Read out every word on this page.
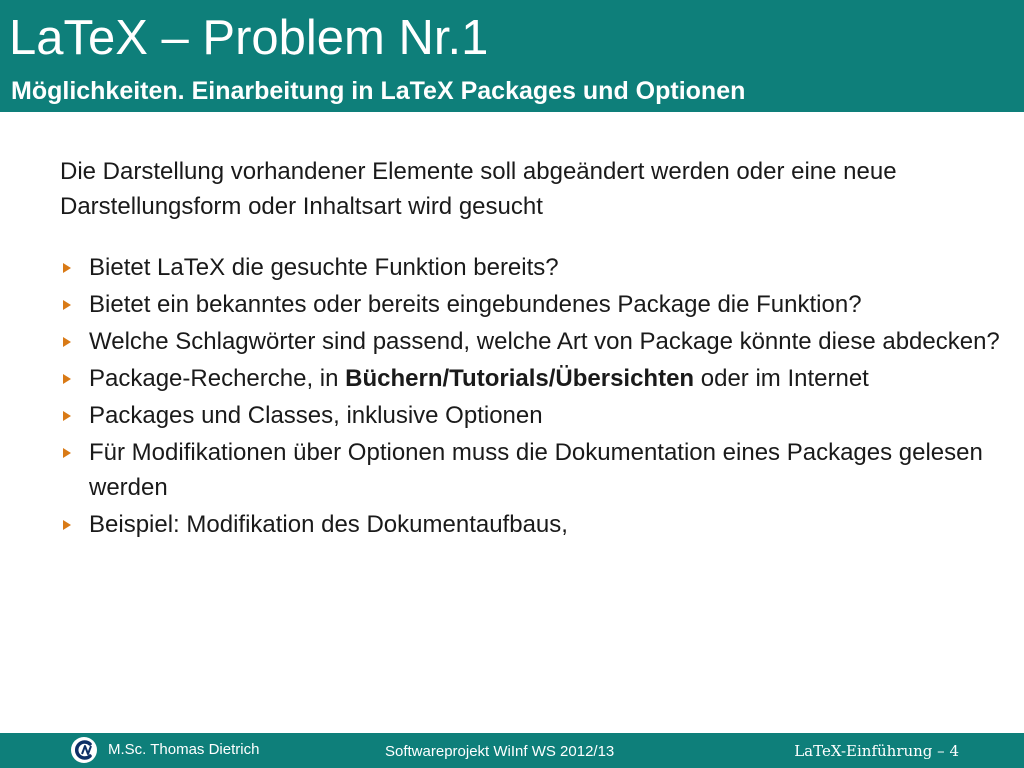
LaTeX – Problem Nr.1
Möglichkeiten. Einarbeitung in LaTeX Packages und Optionen

Die Darstellung vorhandener Elemente soll abgeändert werden oder eine neue Darstellungsform oder Inhaltsart wird gesucht

Bietet LaTeX die gesuchte Funktion bereits?
Bietet ein bekanntes oder bereits eingebundenes Package die Funktion?
Welche Schlagwörter sind passend, welche Art von Package könnte diese abdecken?
Package-Recherche, in Büchern/Tutorials/Übersichten oder im Internet
Packages und Classes, inklusive Optionen
Für Modifikationen über Optionen muss die Dokumentation eines Packages gelesen werden
Beispiel: Modifikation des Dokumentaufbaus,
M.Sc. Thomas Dietrich	Softwareprojekt WiInf WS 2012/13	LaTeX-Einführung – 4
